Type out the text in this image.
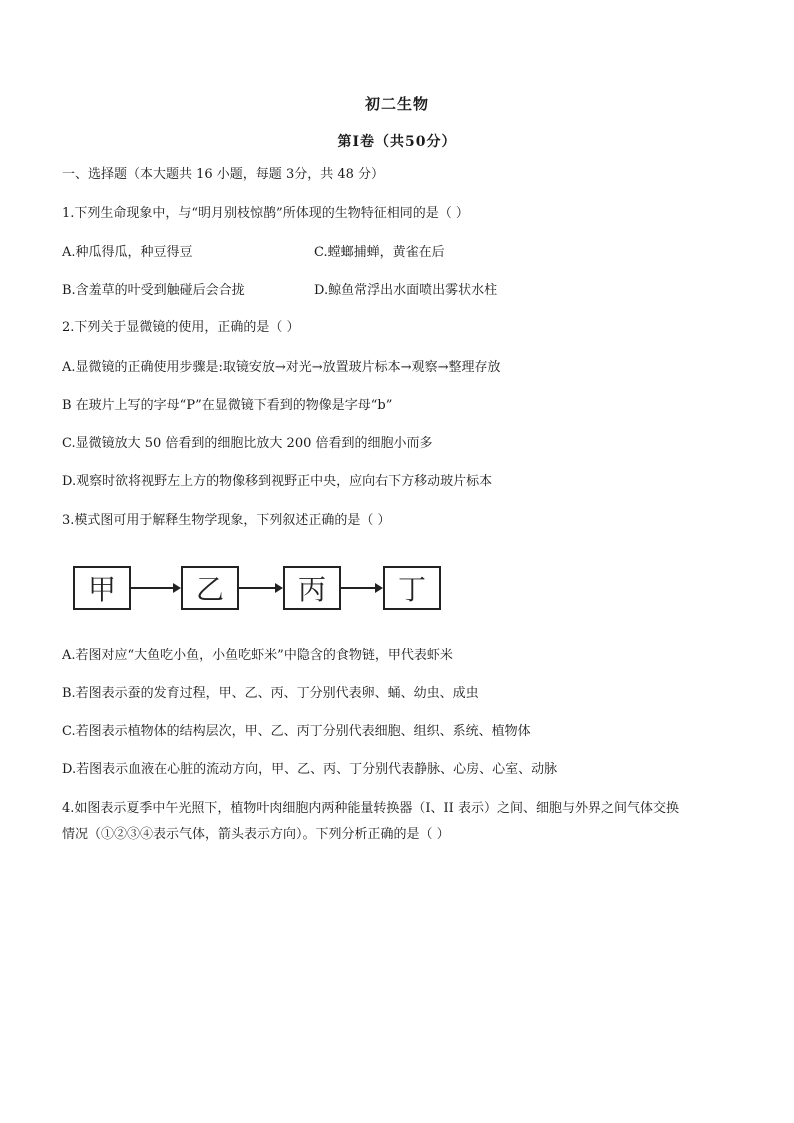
初二生物
第Ⅰ卷（共50分）
一、选择题（本大题共 16 小题，每题 3分，共 48 分）
1.下列生命现象中，与“明月别枝惊鹊”所体现的生物特征相同的是（ ）
A.种瓜得瓜，种豆得豆	C.螳螂捕蝉，黄雀在后
B.含羞草的叶受到触碰后会合拢	D.鲸鱼常浮出水面喷出雾状水柱
2.下列关于显微镜的使用，正确的是（ ）
A.显微镜的正确使用步骤是:取镜安放→对光→放置玻片标本→观察→整理存放
B 在玻片上写的字母“P”在显微镜下看到的物像是字母“b”
C.显微镜放大 50 倍看到的细胞比放大 200 倍看到的细胞小而多
D.观察时欲将视野左上方的物像移到视野正中央，应向右下方移动玻片标本
3.模式图可用于解释生物学现象，下列叙述正确的是（ ）
甲	乙	丙	丁
A.若图对应“大鱼吃小鱼，小鱼吃虾米”中隐含的食物链，甲代表虾米
B.若图表示蚕的发育过程，甲、乙、丙、丁分别代表卵、蛹、幼虫、成虫
C.若图表示植物体的结构层次，甲、乙、丙丁分别代表细胞、组织、系统、植物体
D.若图表示血液在心脏的流动方向，甲、乙、丙、丁分别代表静脉、心房、心室、动脉
4.如图表示夏季中午光照下，植物叶肉细胞内两种能量转换器（I、II 表示）之间、细胞与外界之间气体交换
情况（①②③④表示气体，箭头表示方向）。下列分析正确的是（ ）
